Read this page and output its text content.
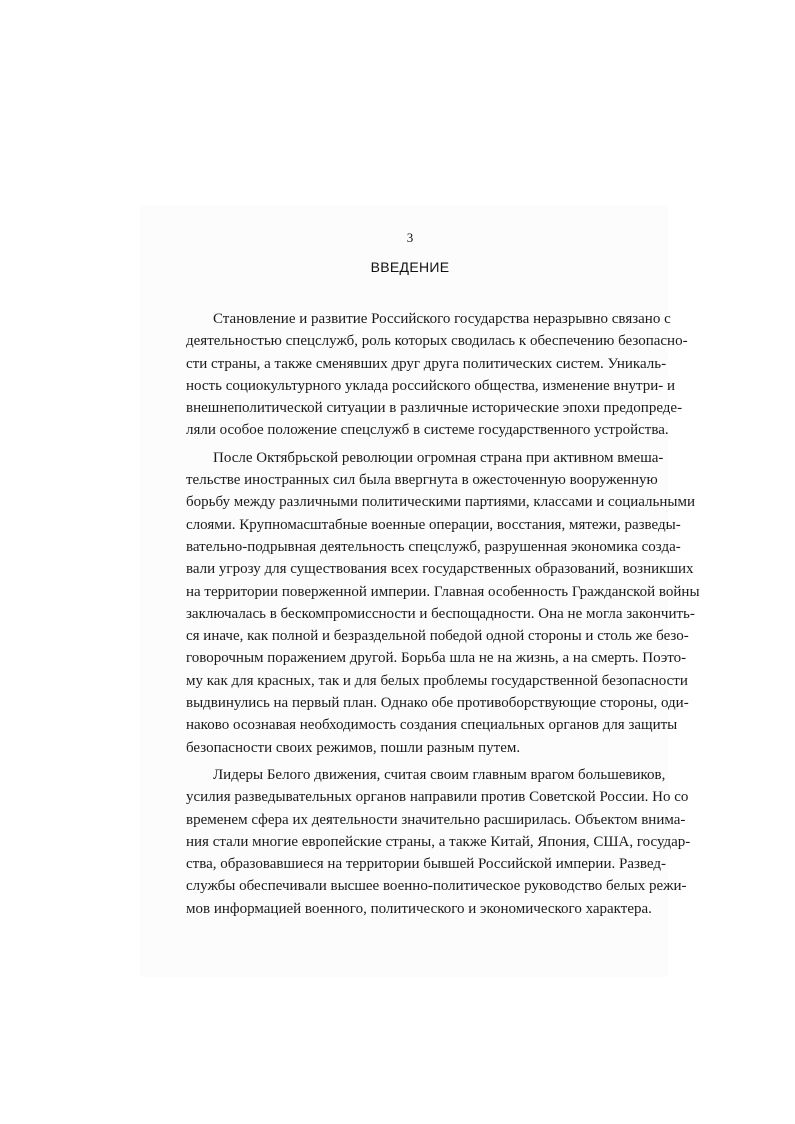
3
ВВЕДЕНИЕ
Становление и развитие Российского государства неразрывно связано с
деятельностью спецслужб, роль которых сводилась к обеспечению безопасно-
сти страны, а также сменявших друг друга политических систем. Уникаль-
ность социокультурного уклада российского общества, изменение внутри- и
внешнеполитической ситуации в различные исторические эпохи предопреде-
ляли особое положение спецслужб в системе государственного устройства.
После Октябрьской революции огромная страна при активном вмеша-
тельстве иностранных сил была ввергнута в ожесточенную вооруженную
борьбу между различными политическими партиями, классами и социальными
слоями. Крупномасштабные военные операции, восстания, мятежи, разведы-
вательно-подрывная деятельность спецслужб, разрушенная экономика созда-
вали угрозу для существования всех государственных образований, возникших
на территории поверженной империи. Главная особенность Гражданской войны
заключалась в бескомпромиссности и беспощадности. Она не могла закончить-
ся иначе, как полной и безраздельной победой одной стороны и столь же безо-
говорочным поражением другой. Борьба шла не на жизнь, а на смерть. Поэто-
му как для красных, так и для белых проблемы государственной безопасности
выдвинулись на первый план. Однако обе противоборствующие стороны, оди-
наково осознавая необходимость создания специальных органов для защиты
безопасности своих режимов, пошли разным путем.
Лидеры Белого движения, считая своим главным врагом большевиков,
усилия разведывательных органов направили против Советской России. Но со
временем сфера их деятельности значительно расширилась. Объектом внима-
ния стали многие европейские страны, а также Китай, Япония, США, государ-
ства, образовавшиеся на территории бывшей Российской империи. Развед-
службы обеспечивали высшее военно-политическое руководство белых режи-
мов информацией военного, политического и экономического характера.
